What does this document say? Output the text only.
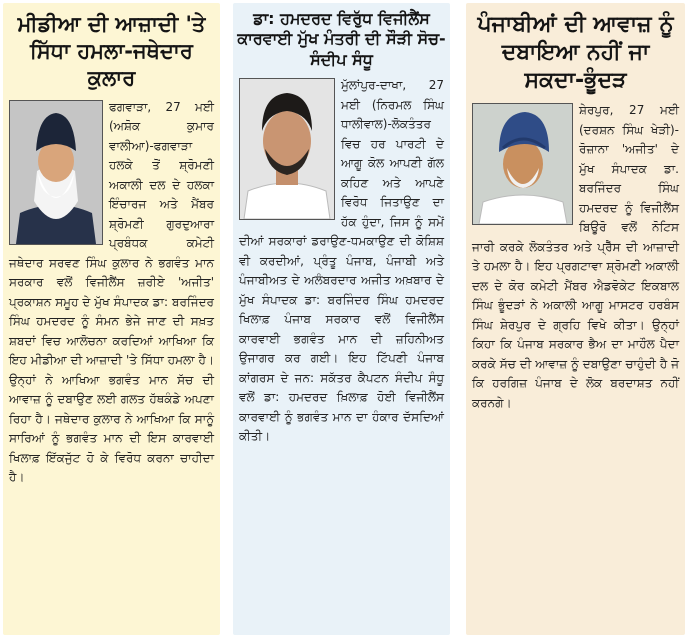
ਮੀਡੀਆ ਦੀ ਆਜ਼ਾਦੀ 'ਤੇ ਸਿੱਧਾ ਹਮਲਾ-ਜਥੇਦਾਰ ਕੁਲਾਰ
ਫਗਵਾੜਾ, 27 ਮਈ (ਅਸ਼ੋਕ ਕੁਮਾਰ ਵਾਲੀਆ)-ਫਗਵਾੜਾ ਹਲਕੇ ਤੋਂ ਸ਼੍ਰੋਮਣੀ ਅਕਾਲੀ ਦਲ ਦੇ ਹਲਕਾ ਇੰਚਾਰਜ ਅਤੇ ਮੈਂਬਰ ਸ਼੍ਰੋਮਣੀ ਗੁਰਦੁਆਰਾ ਪ੍ਰਬੰਧਕ ਕਮੇਟੀ ਜਥੇਦਾਰ ਸਰਵਣ ਸਿੰਘ ਕੁਲਾਰ ਨੇ ਭਗਵੰਤ ਮਾਨ ਸਰਕਾਰ ਵਲੋਂ ਵਿਜੀਲੈਂਸ ਜ਼ਰੀਏ 'ਅਜੀਤ' ਪ੍ਰਕਾਸ਼ਨ ਸਮੂਹ ਦੇ ਮੁੱਖ ਸੰਪਾਦਕ ਡਾ: ਬਰਜਿੰਦਰ ਸਿੰਘ ਹਮਦਰਦ ਨੂੰ ਸੰਮਨ ਭੇਜੇ ਜਾਣ ਦੀ ਸਖ਼ਤ ਸ਼ਬਦਾਂ ਵਿਚ ਆਲੋਚਨਾ ਕਰਦਿਆਂ ਆਖਿਆ ਕਿ ਇਹ ਮੀਡੀਆ ਦੀ ਆਜ਼ਾਦੀ 'ਤੇ ਸਿੱਧਾ ਹਮਲਾ ਹੈ। ਉਨ੍ਹਾਂ ਨੇ ਆਖਿਆ ਭਗਵੰਤ ਮਾਨ ਸੱਚ ਦੀ ਆਵਾਜ਼ ਨੂੰ ਦਬਾਉਣ ਲਈ ਗਲਤ ਹੱਥਕੰਡੇ ਅਪਣਾ ਰਿਹਾ ਹੈ। ਜਥੇਦਾਰ ਕੁਲਾਰ ਨੇ ਆਖਿਆ ਕਿ ਸਾਨੂੰ ਸਾਰਿਆਂ ਨੂੰ ਭਗਵੰਤ ਮਾਨ ਦੀ ਇਸ ਕਾਰਵਾਈ ਖਿਲਾਫ਼ ਇੱਕਜੁੱਟ ਹੋ ਕੇ ਵਿਰੋਧ ਕਰਨਾ ਚਾਹੀਦਾ ਹੈ।
ਡਾ: ਹਮਦਰਦ ਵਿਰੁੱਧ ਵਿਜੀਲੈਂਸ ਕਾਰਵਾਈ ਮੁੱਖ ਮੰਤਰੀ ਦੀ ਸੌੜੀ ਸੋਚ-ਸੰਦੀਪ ਸੰਧੂ
ਮੁੱਲਾਂਪੁਰ-ਦਾਖਾ, 27 ਮਈ (ਨਿਰਮਲ ਸਿੰਘ ਧਾਲੀਵਾਲ)-ਲੋਕਤੰਤਰ ਵਿਚ ਹਰ ਪਾਰਟੀ ਦੇ ਆਗੂ ਕੋਲ ਆਪਣੀ ਗੱਲ ਕਹਿਣ ਅਤੇ ਆਪਣੇ ਵਿਰੋਧ ਜਿਤਾਉਣ ਦਾ ਹੱਕ ਹੁੰਦਾ, ਜਿਸ ਨੂੰ ਸਮੇਂ ਦੀਆਂ ਸਰਕਾਰਾਂ ਡਰਾਉਣ-ਧਮਕਾਉਣ ਦੀ ਕੋਸ਼ਿਸ਼ ਵੀ ਕਰਦੀਆਂ, ਪ੍ਰੰਤੂ ਪੰਜਾਬ, ਪੰਜਾਬੀ ਅਤੇ ਪੰਜਾਬੀਅਤ ਦੇ ਅਲੰਬਰਦਾਰ ਅਜੀਤ ਅਖ਼ਬਾਰ ਦੇ ਮੁੱਖ ਸੰਪਾਦਕ ਡਾ: ਬਰਜਿੰਦਰ ਸਿੰਘ ਹਮਦਰਦ ਖਿਲਾਫ਼ ਪੰਜਾਬ ਸਰਕਾਰ ਵਲੋਂ ਵਿਜੀਲੈਂਸ ਕਾਰਵਾਈ ਭਗਵੰਤ ਮਾਨ ਦੀ ਜ਼ਹਿਨੀਅਤ ਉਜਾਗਰ ਕਰ ਗਈ। ਇਹ ਟਿੱਪਣੀ ਪੰਜਾਬ ਕਾਂਗਰਸ ਦੇ ਜਨ: ਸਕੱਤਰ ਕੈਪਟਨ ਸੰਦੀਪ ਸੰਧੂ ਵਲੋਂ ਡਾ: ਹਮਦਰਦ ਖ਼ਿਲਾਫ਼ ਹੋਈ ਵਿਜੀਲੈਂਸ ਕਾਰਵਾਈ ਨੂੰ ਭਗਵੰਤ ਮਾਨ ਦਾ ਹੰਕਾਰ ਦੱਸਦਿਆਂ ਕੀਤੀ।
ਪੰਜਾਬੀਆਂ ਦੀ ਆਵਾਜ਼ ਨੂੰ ਦਬਾਇਆ ਨਹੀਂ ਜਾ ਸਕਦਾ-ਭੂੰਦੜ
ਸ਼ੇਰਪੁਰ, 27 ਮਈ (ਦਰਸ਼ਨ ਸਿੰਘ ਖੇੜੀ)-ਰੋਜ਼ਾਨਾ 'ਅਜੀਤ' ਦੇ ਮੁੱਖ ਸੰਪਾਦਕ ਡਾ. ਬਰਜਿੰਦਰ ਸਿੰਘ ਹਮਦਰਦ ਨੂੰ ਵਿਜੀਲੈਂਸ ਬਿਊਰੋ ਵਲੋਂ ਨੋਟਿਸ ਜਾਰੀ ਕਰਕੇ ਲੋਕਤੰਤਰ ਅਤੇ ਪ੍ਰੈੱਸ ਦੀ ਆਜ਼ਾਦੀ ਤੇ ਹਮਲਾ ਹੈ। ਇਹ ਪ੍ਰਗਟਾਵਾ ਸ਼੍ਰੋਮਣੀ ਅਕਾਲੀ ਦਲ ਦੇ ਕੋਰ ਕਮੇਟੀ ਮੈਂਬਰ ਐਡਵੋਕੇਟ ਇਕਬਾਲ ਸਿੰਘ ਭੂੰਦੜਾਂ ਨੇ ਅਕਾਲੀ ਆਗੂ ਮਾਸਟਰ ਹਰਬੰਸ ਸਿੰਘ ਸ਼ੇਰਪੁਰ ਦੇ ਗ੍ਰਹਿ ਵਿਖੇ ਕੀਤਾ। ਉਨ੍ਹਾਂ ਕਿਹਾ ਕਿ ਪੰਜਾਬ ਸਰਕਾਰ ਭੈਅ ਦਾ ਮਾਹੌਲ ਪੈਦਾ ਕਰਕੇ ਸੱਚ ਦੀ ਆਵਾਜ਼ ਨੂੰ ਦਬਾਉਣਾ ਚਾਹੁੰਦੀ ਹੈ ਜੋ ਕਿ ਹਰਗਿਜ਼ ਪੰਜਾਬ ਦੇ ਲੋਕ ਬਰਦਾਸ਼ਤ ਨਹੀਂ ਕਰਨਗੇ।
